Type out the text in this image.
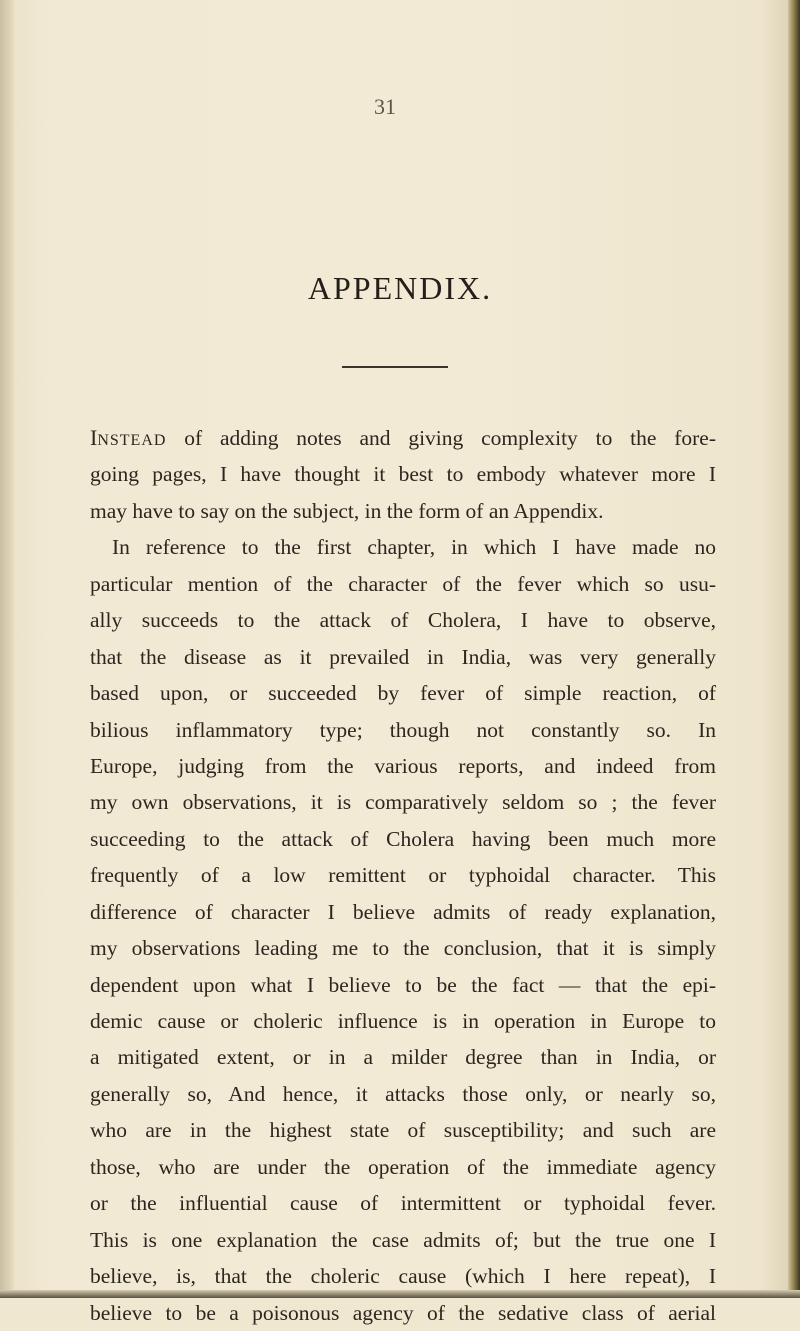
31
APPENDIX.
INSTEAD of adding notes and giving complexity to the fore-
going pages, I have thought it best to embody whatever more I
may have to say on the subject, in the form of an Appendix.
In reference to the first chapter, in which I have made no
particular mention of the character of the fever which so usu-
ally succeeds to the attack of Cholera, I have to observe,
that the disease as it prevailed in India, was very generally
based upon, or succeeded by fever of simple reaction, of
bilious inflammatory type; though not constantly so. In
Europe, judging from the various reports, and indeed from
my own observations, it is comparatively seldom so ; the fever
succeeding to the attack of Cholera having been much more
frequently of a low remittent or typhoidal character. This
difference of character I believe admits of ready explanation,
my observations leading me to the conclusion, that it is simply
dependent upon what I believe to be the fact — that the epi-
demic cause or choleric influence is in operation in Europe to
a mitigated extent, or in a milder degree than in India, or
generally so, And hence, it attacks those only, or nearly so,
who are in the highest state of susceptibility; and such are
those, who are under the operation of the immediate agency
or the influential cause of intermittent or typhoidal fever.
This is one explanation the case admits of; but the true one I
believe, is, that the choleric cause (which I here repeat), I
believe to be a poisonous agency of the sedative class of aerial
